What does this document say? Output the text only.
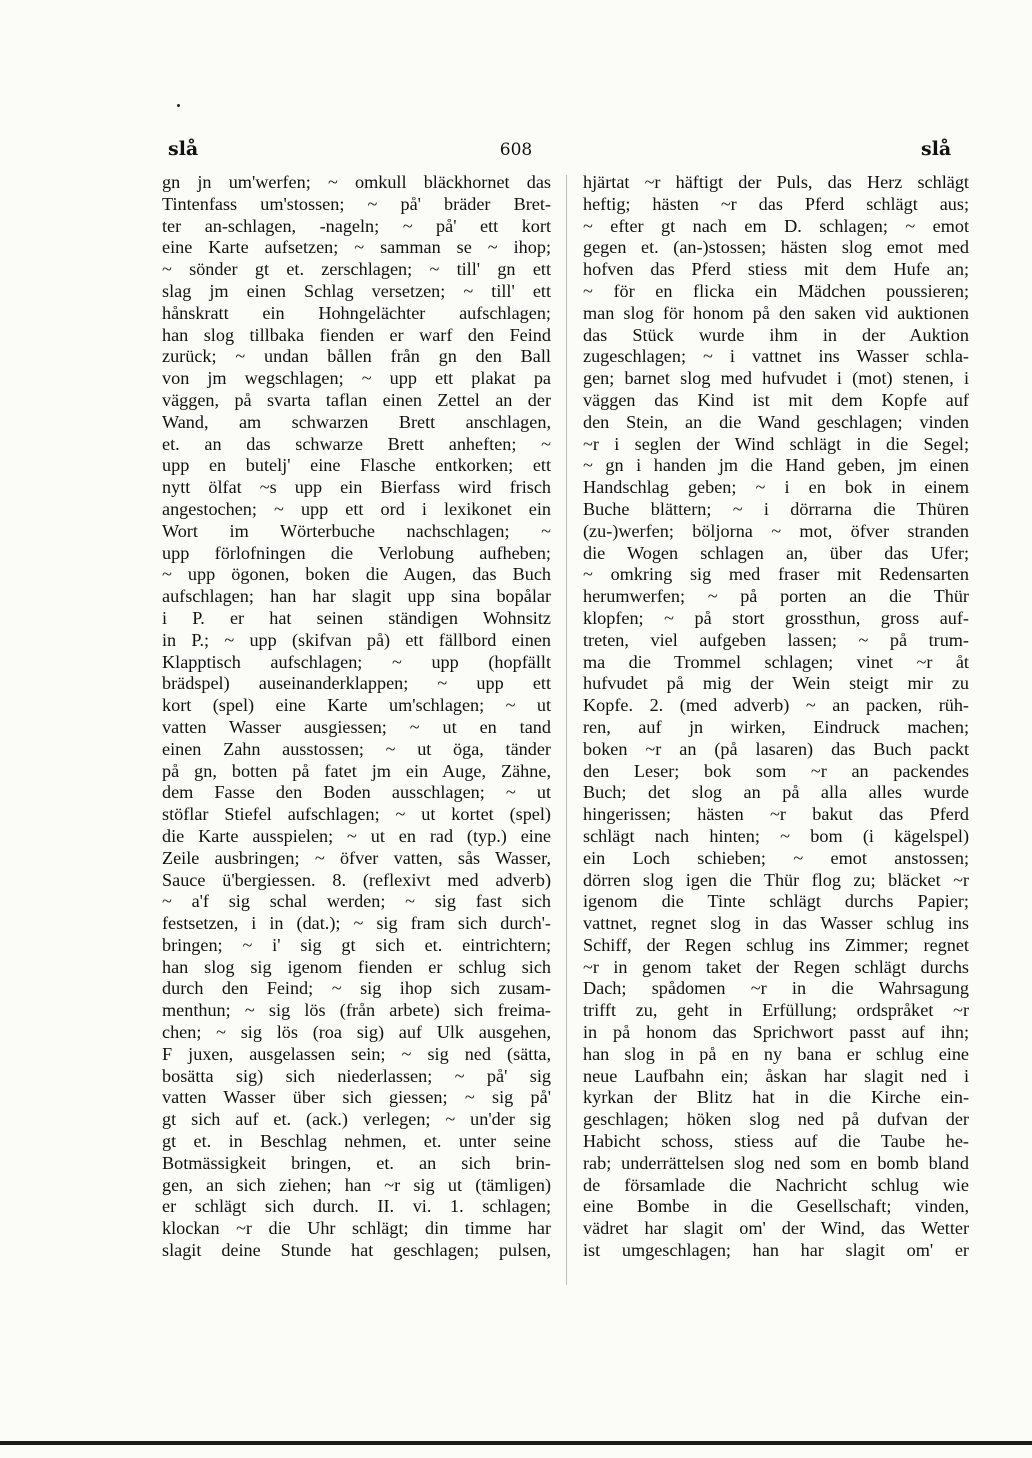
slå	608	slå
gn jn um'werfen; ~ omkull bläckhornet das
Tintenfass um'stossen; ~ på' bräder Bret-
ter an-schlagen, -nageln; ~ på' ett kort
eine Karte aufsetzen; ~ samman se ~ ihop;
~ sönder gt et. zerschlagen; ~ till' gn ett
slag jm einen Schlag versetzen; ~ till' ett
hånskratt ein Hohngelächter aufschlagen;
han slog tillbaka fienden er warf den Feind
zurück; ~ undan bållen från gn den Ball
von jm wegschlagen; ~ upp ett plakat pa
väggen, på svarta taflan einen Zettel an der
Wand, am schwarzen Brett anschlagen,
et. an das schwarze Brett anheften; ~
upp en butelj' eine Flasche entkorken; ett
nytt ölfat ~s upp ein Bierfass wird frisch
angestochen; ~ upp ett ord i lexikonet ein
Wort im Wörterbuche nachschlagen; ~
upp förlofningen die Verlobung aufheben;
~ upp ögonen, boken die Augen, das Buch
aufschlagen; han har slagit upp sina bopålar
i P. er hat seinen ständigen Wohnsitz
in P.; ~ upp (skifvan på) ett fällbord einen
Klapptisch aufschlagen; ~ upp (hopfällt
brädspel) auseinanderklappen; ~ upp ett
kort (spel) eine Karte um'schlagen; ~ ut
vatten Wasser ausgiessen; ~ ut en tand
einen Zahn ausstossen; ~ ut öga, tänder
på gn, botten på fatet jm ein Auge, Zähne,
dem Fasse den Boden ausschlagen; ~ ut
stöflar Stiefel aufschlagen; ~ ut kortet (spel)
die Karte ausspielen; ~ ut en rad (typ.) eine
Zeile ausbringen; ~ öfver vatten, sås Wasser,
Sauce ü'bergiessen. 8. (reflexivt med adverb)
~ a'f sig schal werden; ~ sig fast sich
festsetzen, i in (dat.); ~ sig fram sich durch'-
bringen; ~ i' sig gt sich et. eintrichtern;
han slog sig igenom fienden er schlug sich
durch den Feind; ~ sig ihop sich zusam-
menthun; ~ sig lös (från arbete) sich freima-
chen; ~ sig lös (roa sig) auf Ulk ausgehen,
F juxen, ausgelassen sein; ~ sig ned (sätta,
bosätta sig) sich niederlassen; ~ på' sig
vatten Wasser über sich giessen; ~ sig på'
gt sich auf et. (ack.) verlegen; ~ un'der sig
gt et. in Beschlag nehmen, et. unter seine
Botmässigkeit bringen, et. an sich brin-
gen, an sich ziehen; han ~r sig ut (tämligen)
er schlägt sich durch. II. vi. 1. schlagen;
klockan ~r die Uhr schlägt; din timme har
slagit deine Stunde hat geschlagen; pulsen,
hjärtat ~r häftigt der Puls, das Herz schlägt
heftig; hästen ~r das Pferd schlägt aus;
~ efter gt nach em D. schlagen; ~ emot
gegen et. (an-)stossen; hästen slog emot med
hofven das Pferd stiess mit dem Hufe an;
~ för en flicka ein Mädchen poussieren;
man slog för honom på den saken vid auktionen
das Stück wurde ihm in der Auktion
zugeschlagen; ~ i vattnet ins Wasser schla-
gen; barnet slog med hufvudet i (mot) stenen, i
väggen das Kind ist mit dem Kopfe auf
den Stein, an die Wand geschlagen; vinden
~r i seglen der Wind schlägt in die Segel;
~ gn i handen jm die Hand geben, jm einen
Handschlag geben; ~ i en bok in einem
Buche blättern; ~ i dörrarna die Thüren
(zu-)werfen; böljorna ~ mot, öfver stranden
die Wogen schlagen an, über das Ufer;
~ omkring sig med fraser mit Redensarten
herumwerfen; ~ på porten an die Thür
klopfen; ~ på stort grossthun, gross auf-
treten, viel aufgeben lassen; ~ på trum-
ma die Trommel schlagen; vinet ~r åt
hufvudet på mig der Wein steigt mir zu
Kopfe. 2. (med adverb) ~ an packen, rüh-
ren, auf jn wirken, Eindruck machen;
boken ~r an (på lasaren) das Buch packt
den Leser; bok som ~r an packendes
Buch; det slog an på alla alles wurde
hingerissen; hästen ~r bakut das Pferd
schlägt nach hinten; ~ bom (i kägelspel)
ein Loch schieben; ~ emot anstossen;
dörren slog igen die Thür flog zu; bläcket ~r
igenom die Tinte schlägt durchs Papier;
vattnet, regnet slog in das Wasser schlug ins
Schiff, der Regen schlug ins Zimmer; regnet
~r in genom taket der Regen schlägt durchs
Dach; spådomen ~r in die Wahrsagung
trifft zu, geht in Erfüllung; ordspråket ~r
in på honom das Sprichwort passt auf ihn;
han slog in på en ny bana er schlug eine
neue Laufbahn ein; åskan har slagit ned i
kyrkan der Blitz hat in die Kirche ein-
geschlagen; höken slog ned på dufvan der
Habicht schoss, stiess auf die Taube he-
rab; underrättelsen slog ned som en bomb bland
de församlade die Nachricht schlug wie
eine Bombe in die Gesellschaft; vinden,
vädret har slagit om' der Wind, das Wetter
ist umgeschlagen; han har slagit om' er
